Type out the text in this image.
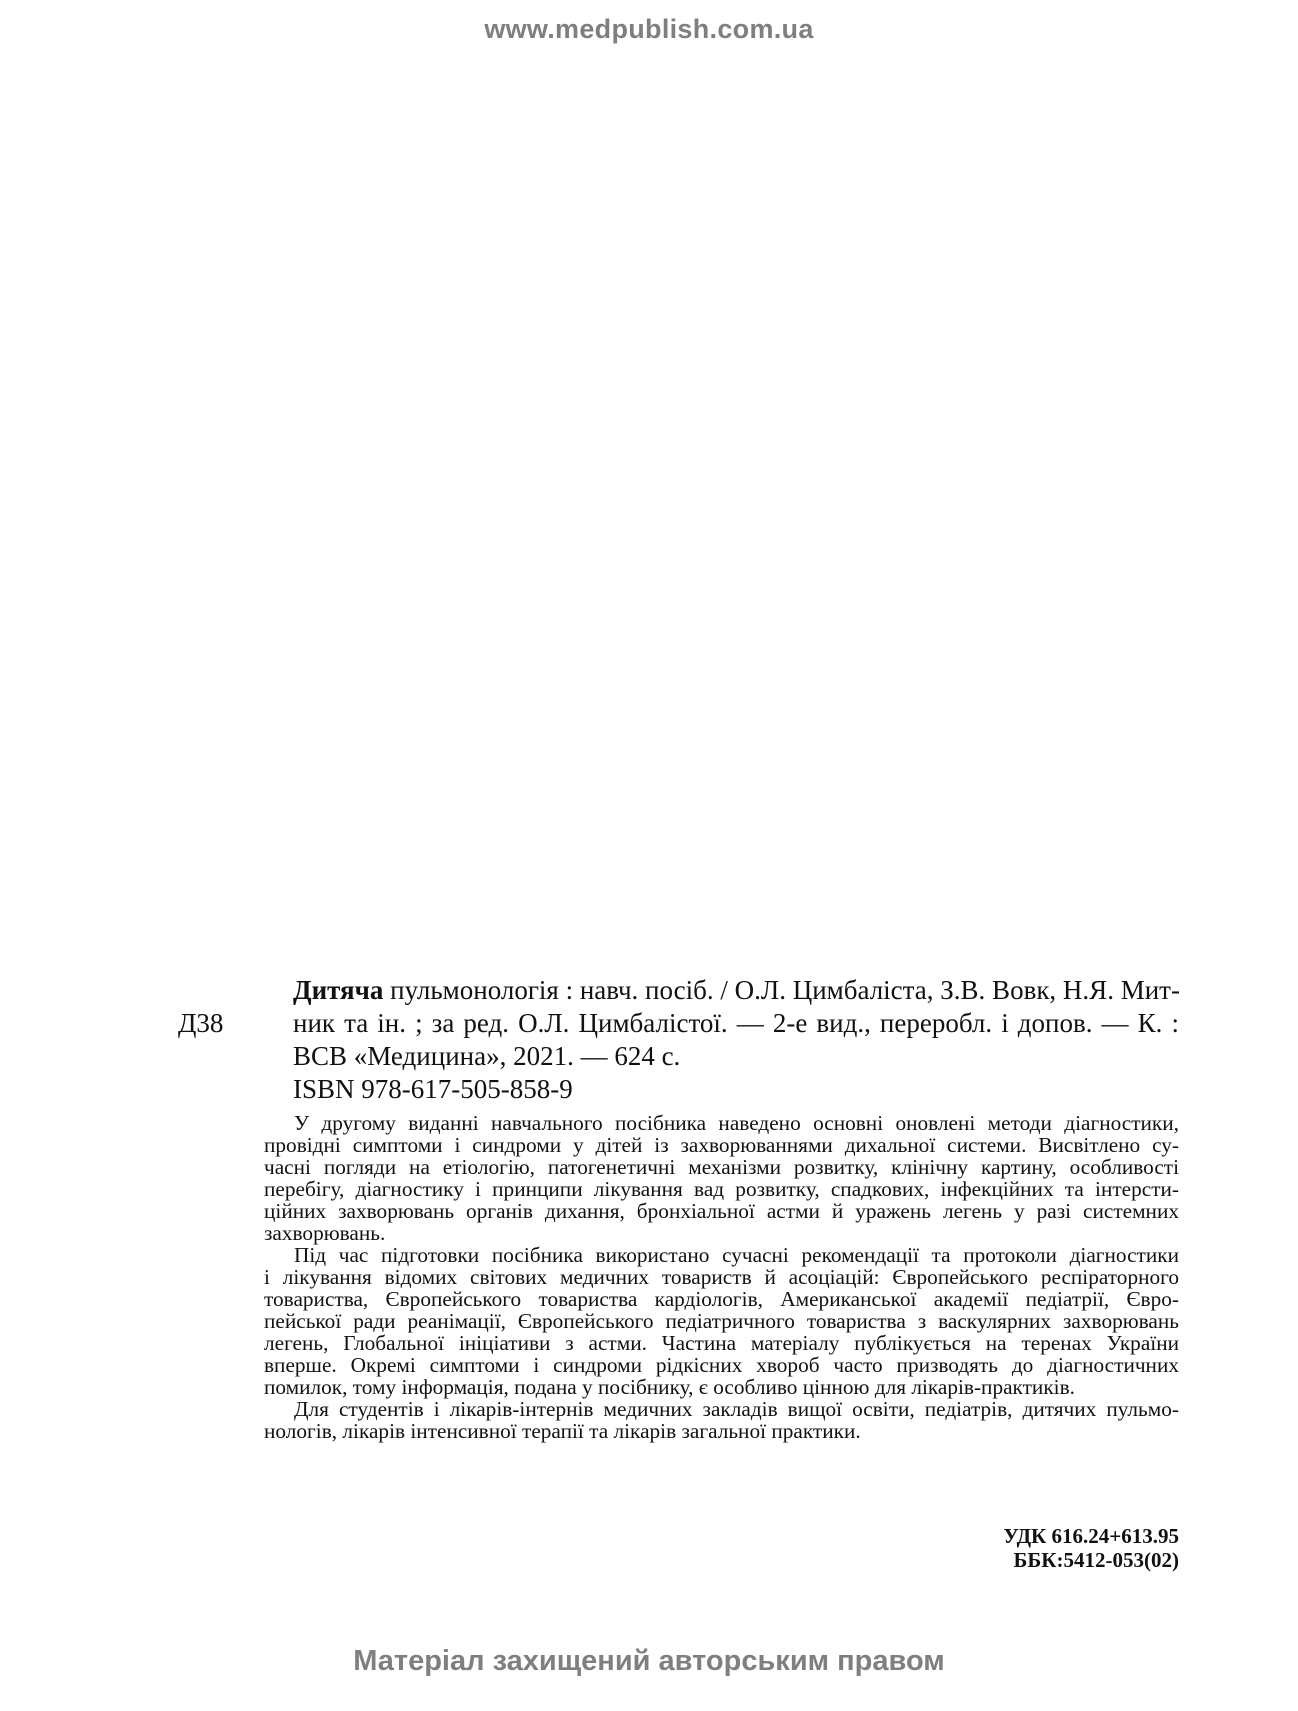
www.medpublish.com.ua
Д38
Дитяча пульмонологія : навч. посіб. / О.Л. Цимбаліста, З.В. Вовк, Н.Я. Мит-
ник та ін. ; за ред. О.Л. Цимбалістої. — 2-е вид., переробл. і допов. — К. :
ВСВ «Медицина», 2021. — 624 с.
ISBN 978-617-505-858-9
У другому виданні навчального посібника наведено основні оновлені методи діагностики,
провідні симптоми і синдроми у дітей із захворюваннями дихальної системи. Висвітлено су-
часні погляди на етіологію, патогенетичні механізми розвитку, клінічну картину, особливості
перебігу, діагностику і принципи лікування вад розвитку, спадкових, інфекційних та інтерсти-
ційних захворювань органів дихання, бронхіальної астми й уражень легень у разі системних
захворювань.
Під час підготовки посібника використано сучасні рекомендації та протоколи діагностики
і лікування відомих світових медичних товариств й асоціацій: Європейського респіраторного
товариства, Європейського товариства кардіологів, Американської академії педіатрії, Євро-
пейської ради реанімації, Європейського педіатричного товариства з васкулярних захворювань
легень, Глобальної ініціативи з астми. Частина матеріалу публікується на теренах України
вперше. Окремі симптоми і синдроми рідкісних хвороб часто призводять до діагностичних
помилок, тому інформація, подана у посібнику, є особливо цінною для лікарів-практиків.
Для студентів і лікарів-інтернів медичних закладів вищої освіти, педіатрів, дитячих пульмо-
нологів, лікарів інтенсивної терапії та лікарів загальної практики.
УДК 616.24+613.95
ББК:5412-053(02)
Матеріал захищений авторським правом
